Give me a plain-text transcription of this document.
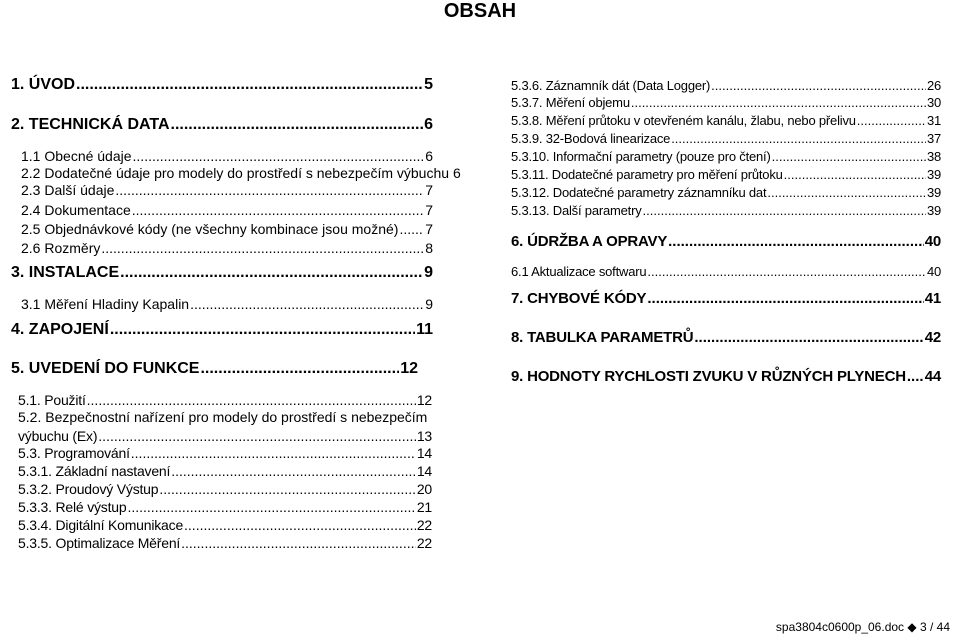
OBSAH
1. ÚVOD .....	5
2. TECHNICKÁ DATA .....	6
1.1 Obecné údaje .....	6
2.2 Dodatečné údaje pro modely do prostředí s nebezpečím výbuchu 6
2.3 Další údaje .....	7
2.4 Dokumentace .....	7
2.5 Objednávkové kódy (ne všechny kombinace jsou možné) ..... 7
2.6 Rozměry .....	8
3. INSTALACE .....	9
3.1 Měření Hladiny Kapalin .....	9
4. ZAPOJENÍ .....	11
5. UVEDENÍ DO FUNKCE .....	12
5.1. Použití .....	12
5.2. Bezpečnostní nařízení pro modely do prostředí s nebezpečím
výbuchu (Ex) .....	13
5.3. Programování .....	14
5.3.1. Základní nastavení .....	14
5.3.2. Proudový Výstup .....	20
5.3.3. Relé výstup .....	21
5.3.4. Digitální Komunikace .....	22
5.3.5. Optimalizace Měření .....	22
5.3.6. Záznamník dát (Data Logger) .....	26
5.3.7. Měření objemu .....	30
5.3.8. Měření průtoku v otevřeném kanálu, žlabu, nebo přelivu .....	31
5.3.9. 32-Bodová linearizace .....	37
5.3.10. Informační parametry (pouze pro čtení) .....	38
5.3.11. Dodatečné parametry pro měření průtoku .....	39
5.3.12. Dodatečné parametry záznamníku dat .....	39
5.3.13. Další parametry .....	39
6. ÚDRŽBA A OPRAVY .....	40
6.1 Aktualizace softwaru .....	40
7. CHYBOVÉ KÓDY .....	41
8. TABULKA PARAMETRŮ .....	42
9. HODNOTY RYCHLOSTI ZVUKU V RŮZNÝCH PLYNECH ..... 44
spa3804c0600p_06.doc ◆ 3 / 44
